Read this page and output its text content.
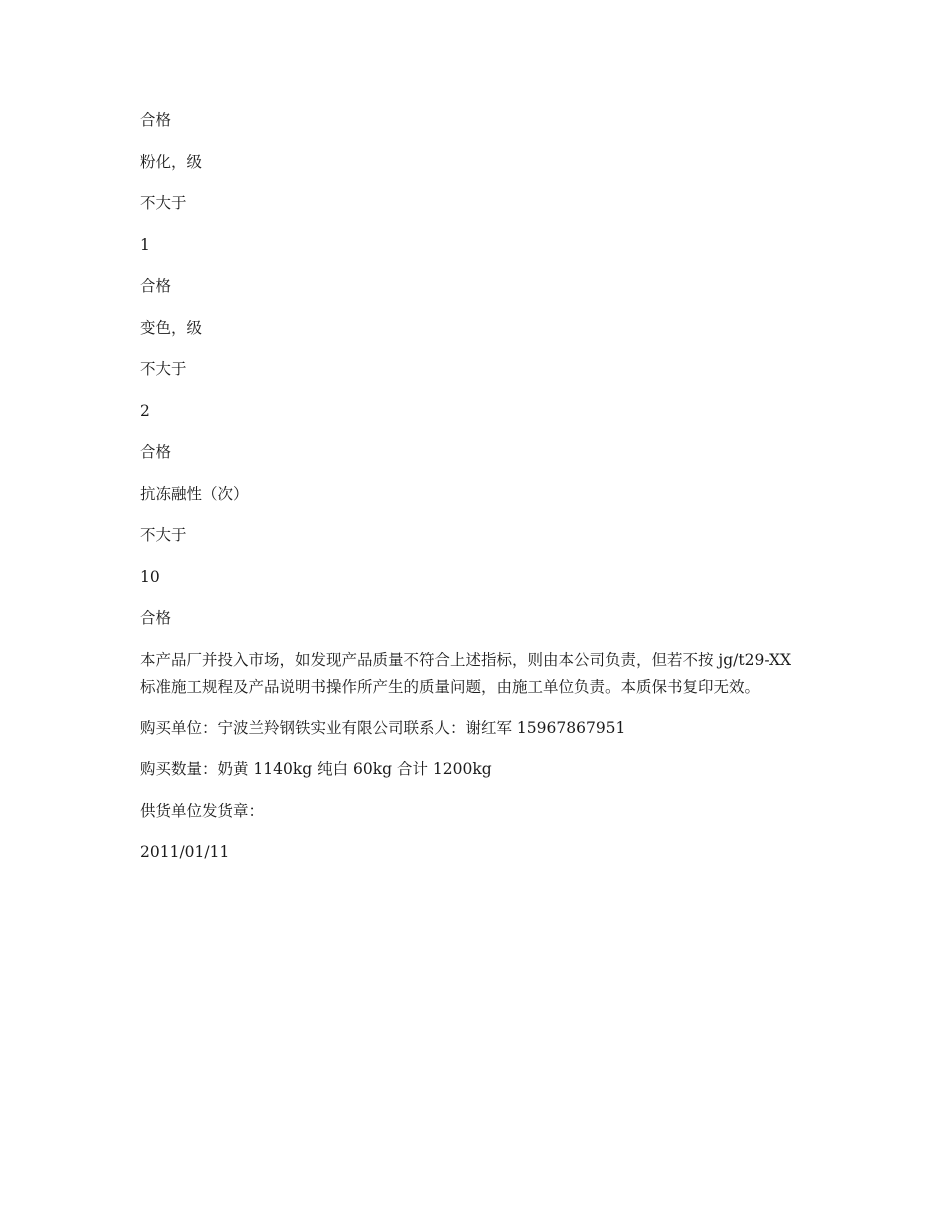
合格

粉化，级

不大于

1

合格

变色，级

不大于

2

合格

抗冻融性（次）

不大于

10

合格

本产品厂并投入市场，如发现产品质量不符合上述指标，则由本公司负责，但若不按 jg/t29-XX 标准施工规程及产品说明书操作所产生的质量问题，由施工单位负责。本质保书复印无效。

购买单位：宁波兰羚钢铁实业有限公司联系人：谢红军 15967867951

购买数量：奶黄 1140kg 纯白 60kg 合计 1200kg

供货单位发货章：

2011/01/11
